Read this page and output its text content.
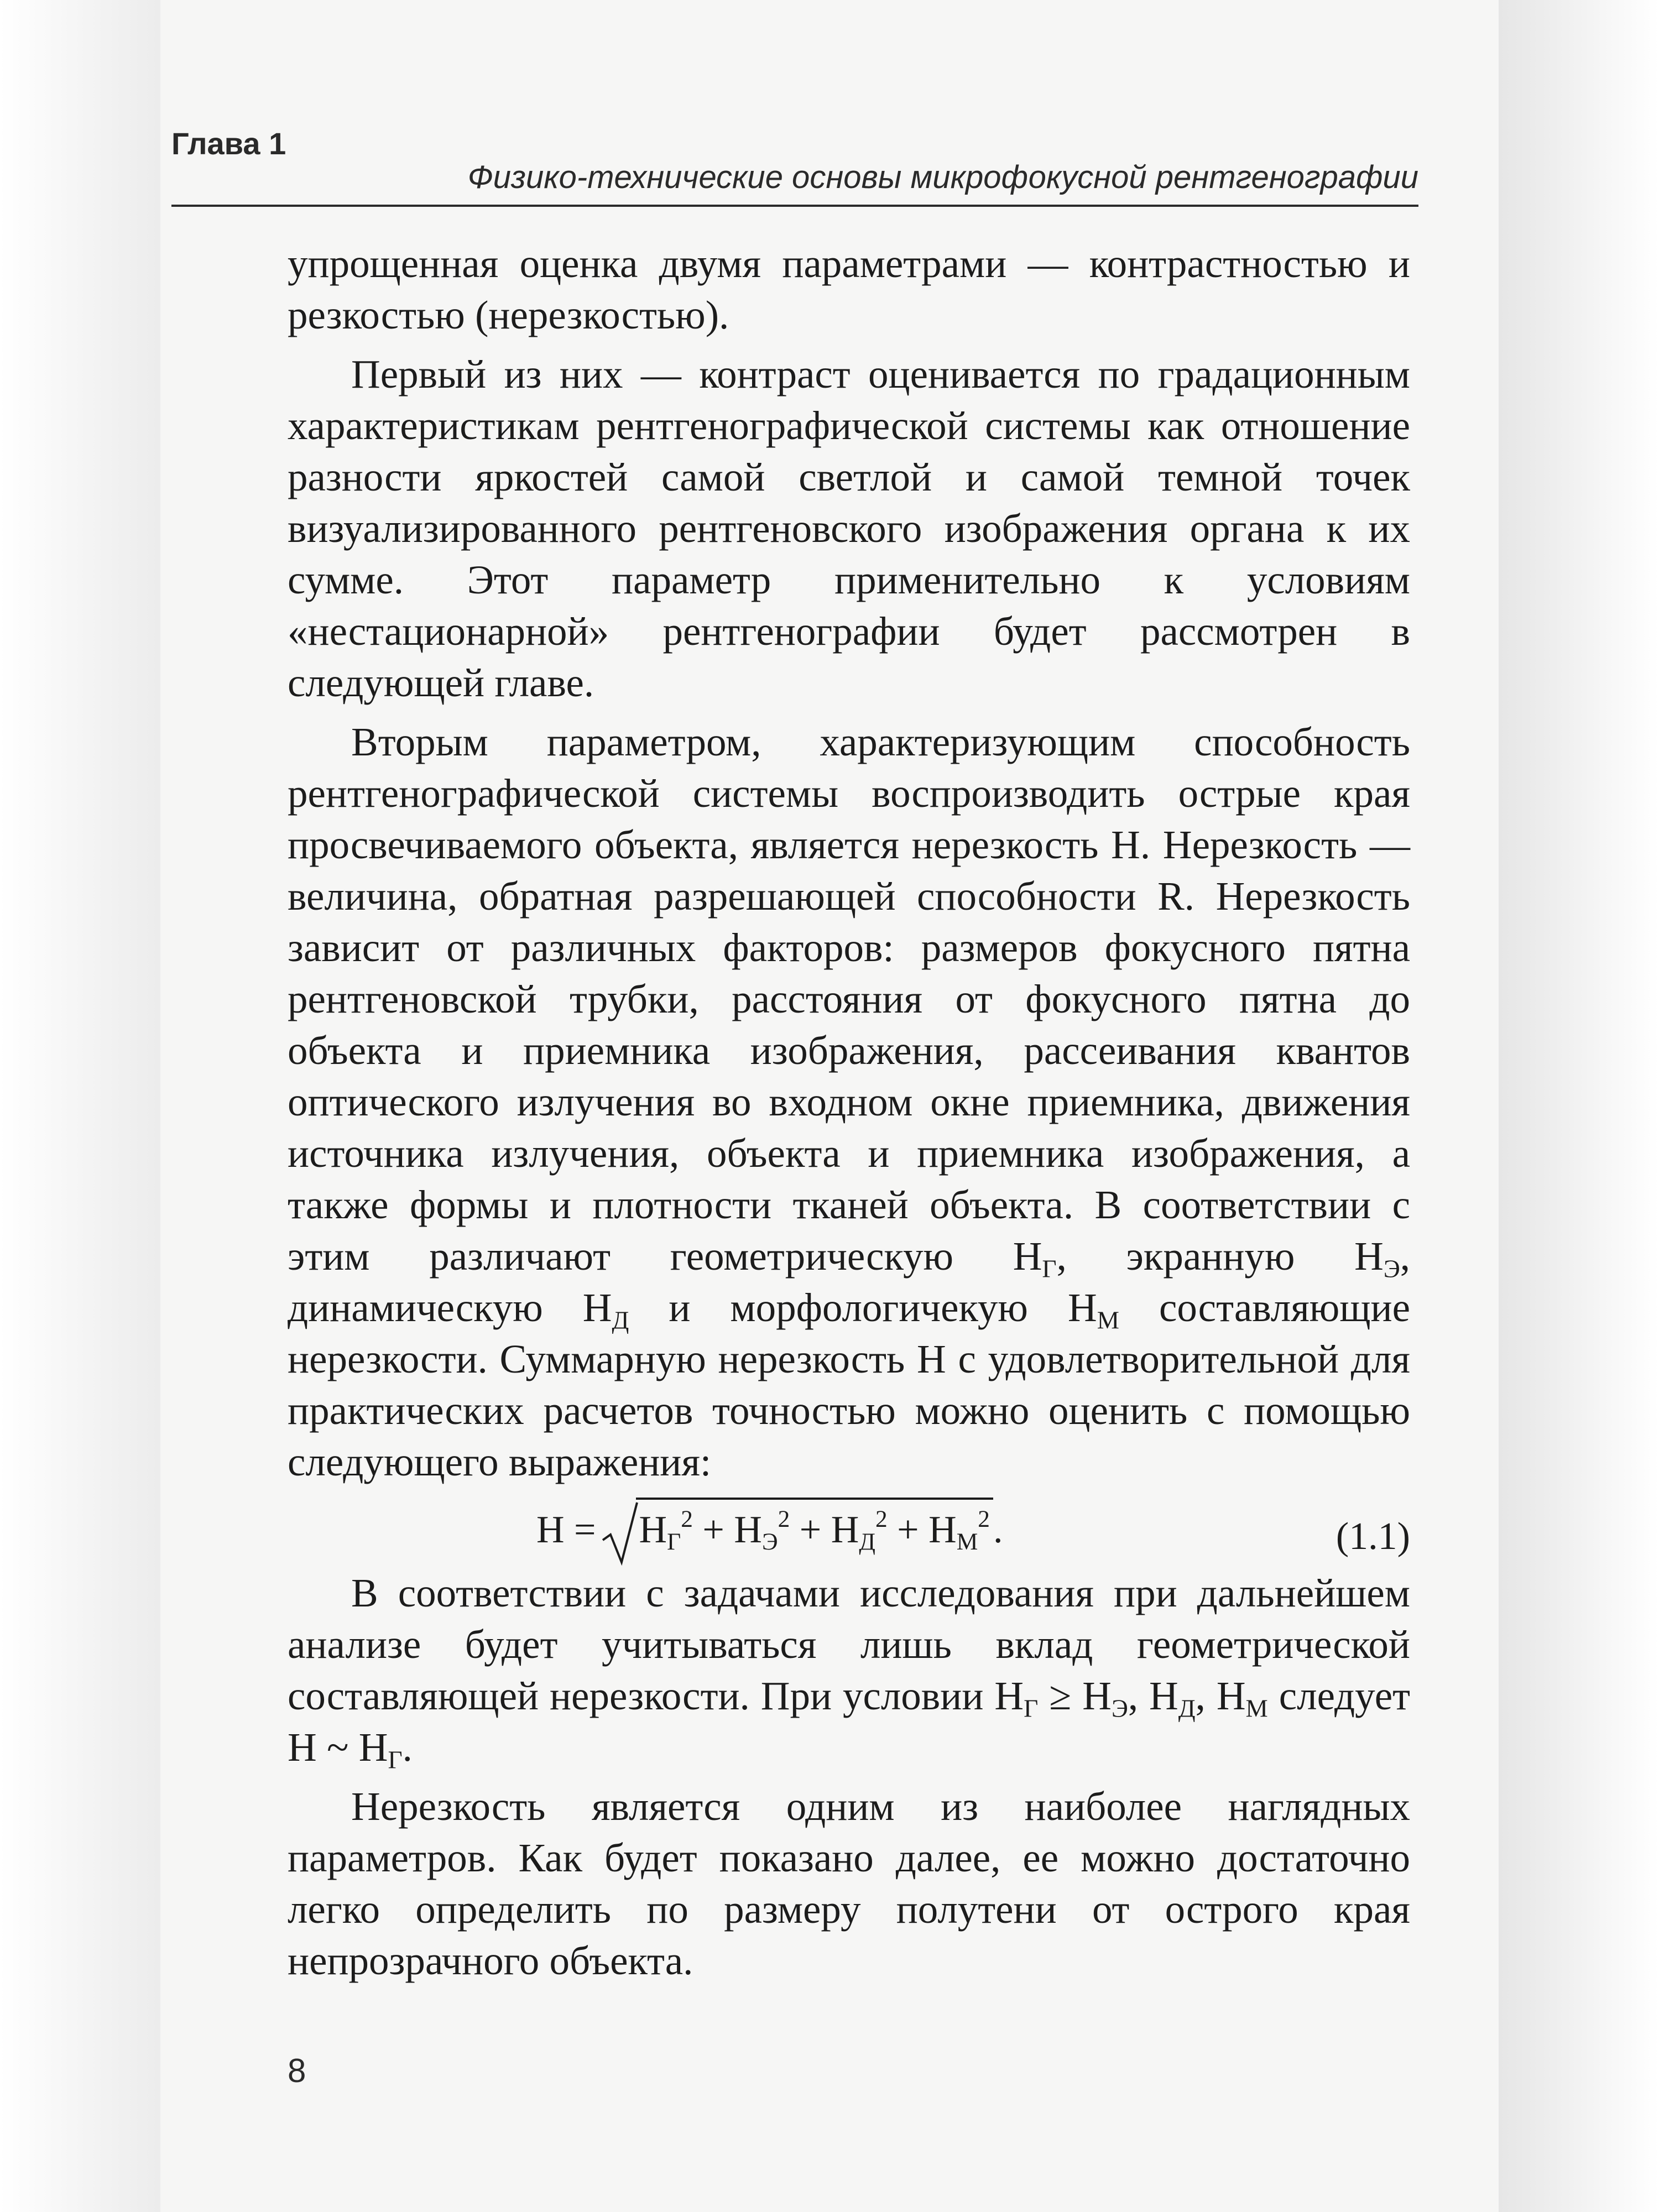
Глава 1
Физико-технические основы микрофокусной рентгенографии

упрощенная оценка двумя параметрами — контрастностью и резкостью (нерезкостью).

Первый из них — контраст оценивается по градационным характеристикам рентгенографической системы как отношение разности яркостей самой светлой и самой темной точек визуализированного рентгеновского изображения органа к их сумме. Этот параметр применительно к условиям «нестационарной» рентгенографии будет рассмотрен в следующей главе.

Вторым параметром, характеризующим способность рентгенографической системы воспроизводить острые края просвечиваемого объекта, является нерезкость Н. Нерезкость — величина, обратная разрешающей способности R. Нерезкость зависит от различных факторов: размеров фокусного пятна рентгеновской трубки, расстояния от фокусного пятна до объекта и приемника изображения, рассеивания квантов оптического излучения во входном окне приемника, движения источника излучения, объекта и приемника изображения, а также формы и плотности тканей объекта. В соответствии с этим различают геометрическую $Н_Г$, экранную $Н_Э$, динамическую $Н_Д$ и морфологичекую $Н_М$ составляющие нерезкости. Суммарную нерезкость Н с удовлетворительной для практических расчетов точностью можно оценить с помощью следующего выражения:

$Н = Н_Г^2 + Н_Э^2 + Н_Д^2 + Н_М^2$.	(1.1)

В соответствии с задачами исследования при дальнейшем анализе будет учитываться лишь вклад геометрической составляющей нерезкости. При условии $Н_Г \ge Н_Э$, $Н_Д$, $Н_М$ следует Н ~ $Н_Г$.

Нерезкость является одним из наиболее наглядных параметров. Как будет показано далее, ее можно достаточно легко определить по размеру полутени от острого края непрозрачного объекта.

8
